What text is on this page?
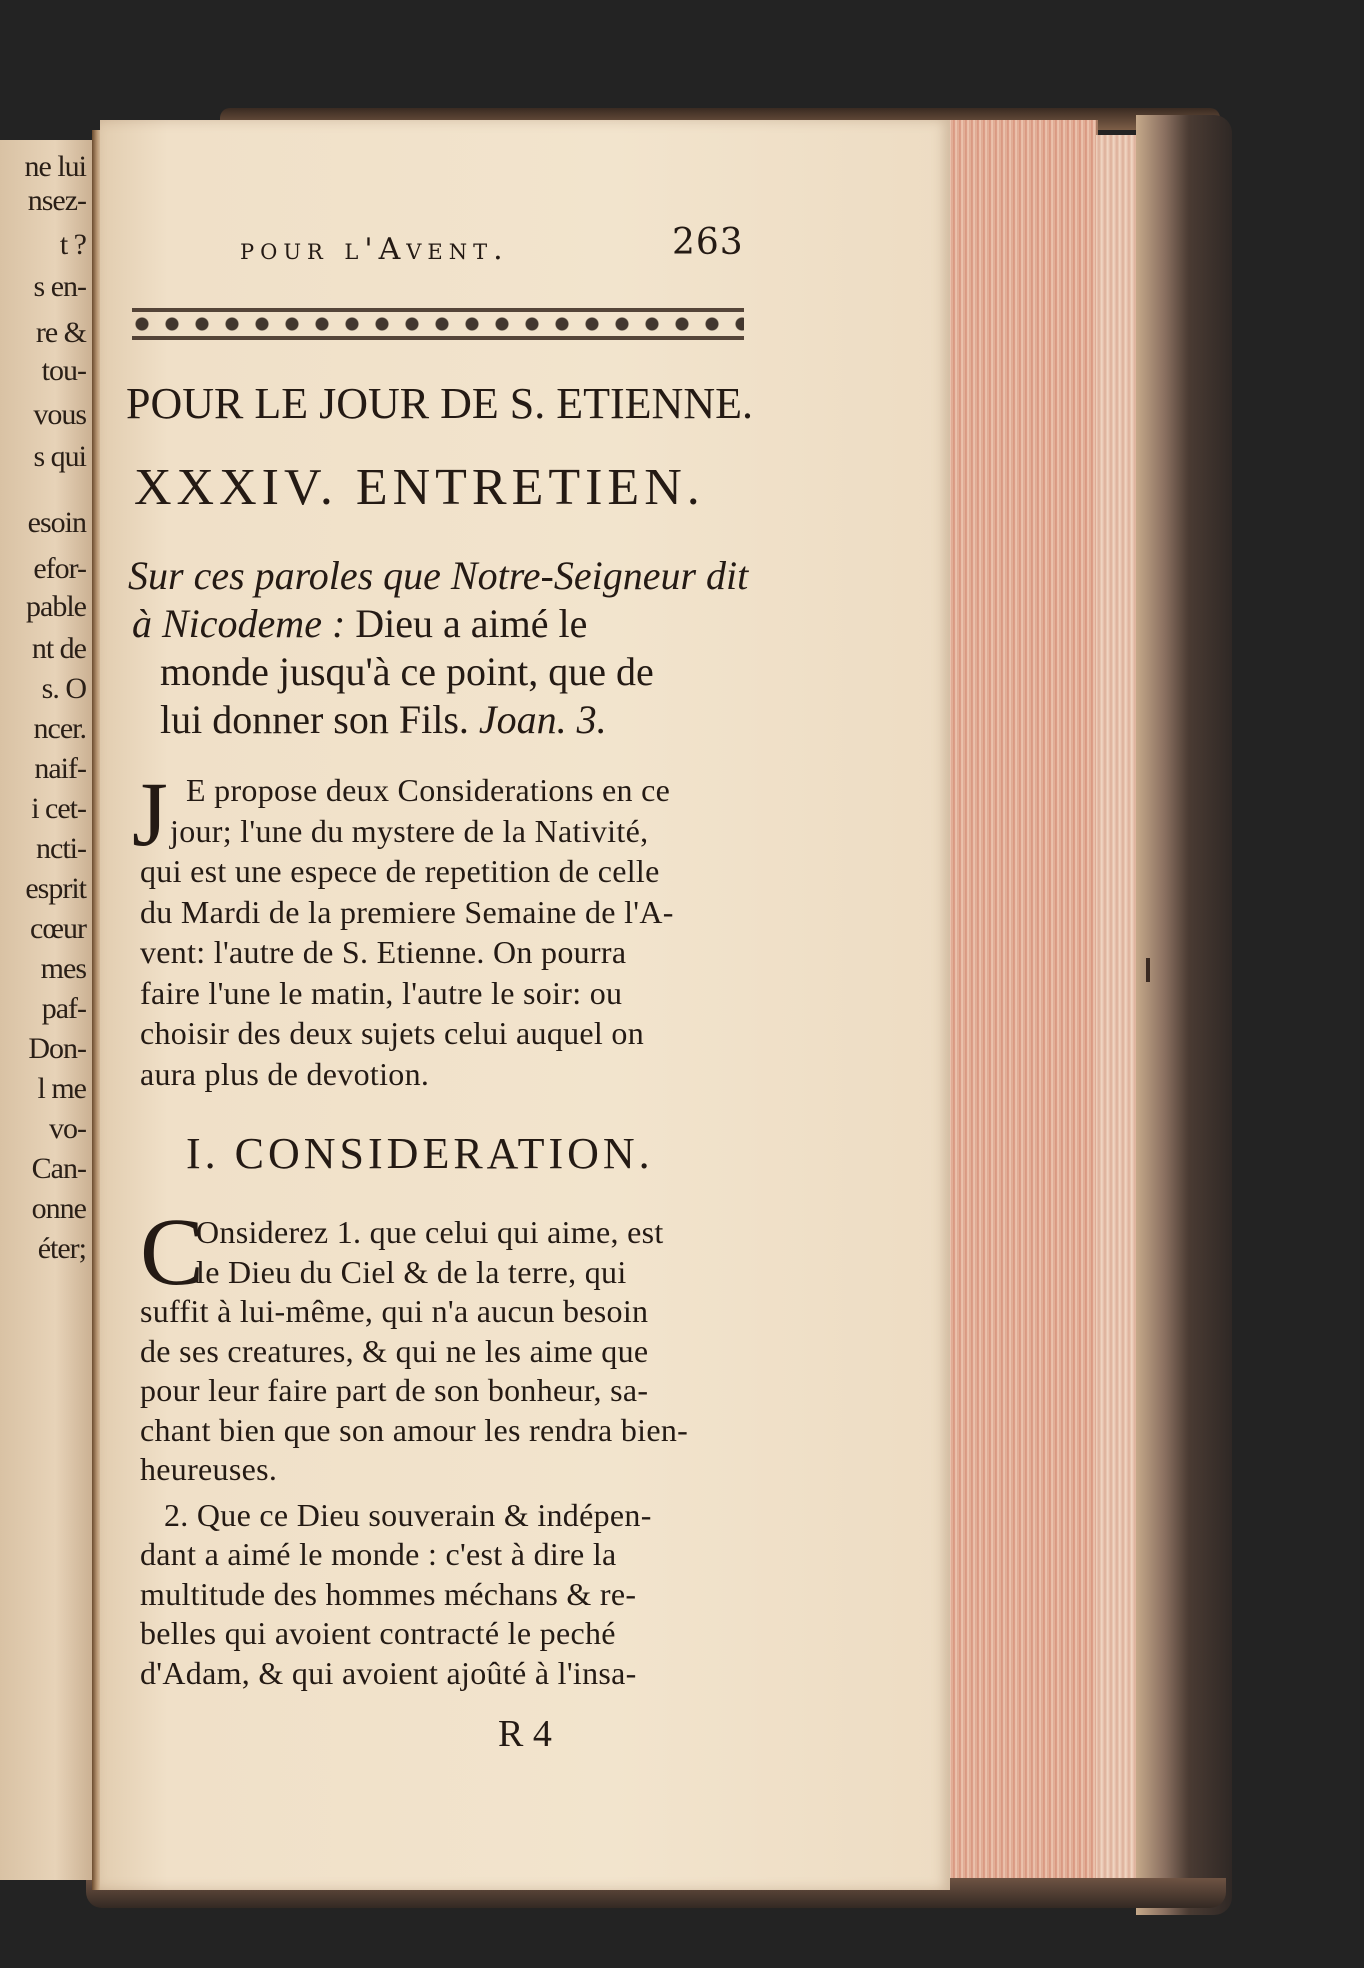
ne lui
nsez-
t ?
s en-
re &
tou-
vous
s qui
esoin
efor-
pable
nt de
s. O
ncer.
naif-
i cet-
ncti-
esprit
cœur
mes
paf-
Don-
l me
vo-
Can-
onne
éter;
pour l'Avent.	263
POUR LE JOUR DE S. ETIENNE.
XXXIV. ENTRETIEN.
Sur ces paroles que Notre-Seigneur dit
à Nicodeme : Dieu a aimé le
monde jusqu'à ce point, que de
lui donner son Fils. Joan. 3.
J E propose deux Considerations en ce
jour; l'une du mystere de la Nativité,
qui est une espece de repetition de celle
du Mardi de la premiere Semaine de l'A-
vent: l'autre de S. Etienne. On pourra
faire l'une le matin, l'autre le soir: ou
choisir des deux sujets celui auquel on
aura plus de devotion.
I. CONSIDERATION.
C
Onsiderez 1. que celui qui aime, est
le Dieu du Ciel & de la terre, qui
suffit à lui-même, qui n'a aucun besoin
de ses creatures, & qui ne les aime que
pour leur faire part de son bonheur, sa-
chant bien que son amour les rendra bien-
heureuses.
2. Que ce Dieu souverain & indépen-
dant a aimé le monde : c'est à dire la
multitude des hommes méchans & re-
belles qui avoient contracté le peché
d'Adam, & qui avoient ajoûté à l'insa-
R 4
